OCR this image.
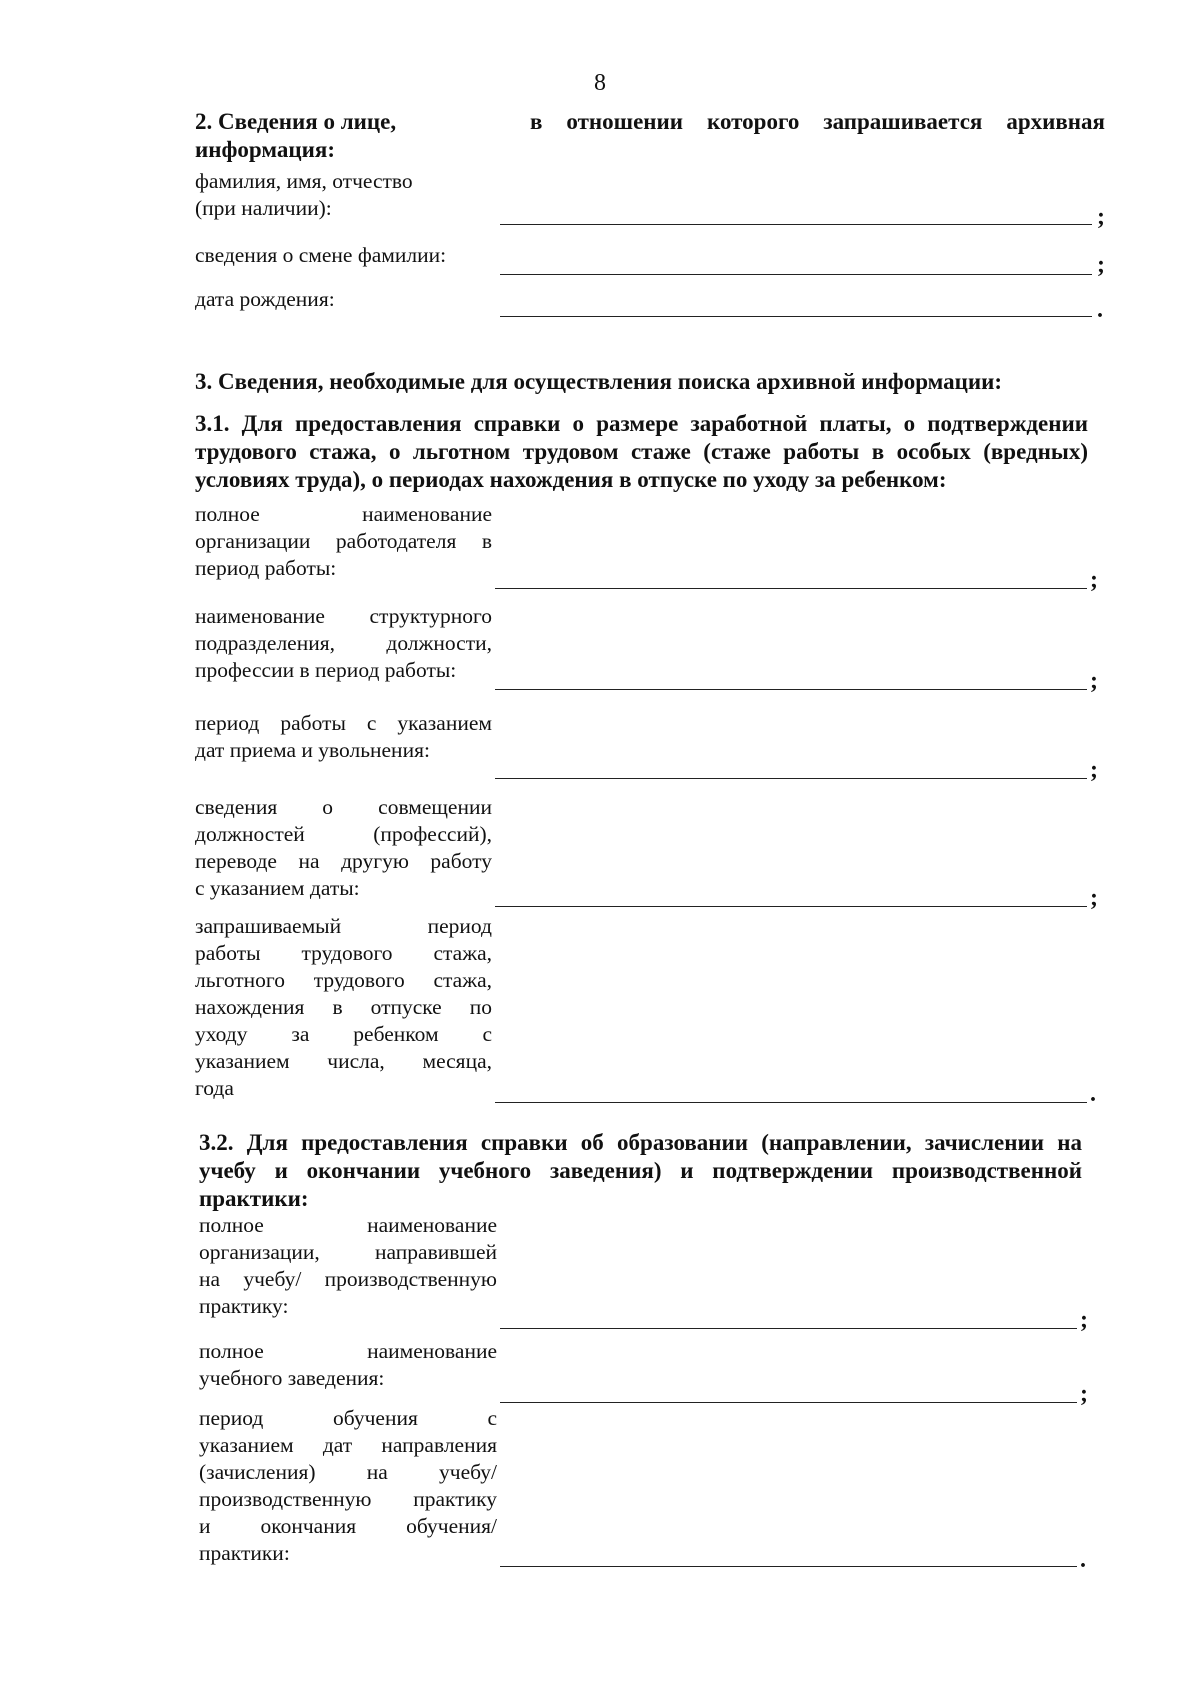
8
2. Сведения о лице,	в отношении которого запрашивается архивная
информация:
фамилия, имя, отчество
(при наличии):	;
сведения о смене фамилии:	;
дата рождения:	.
3. Сведения, необходимые для осуществления поиска архивной информации:
3.1. Для предоставления справки о размере заработной платы, о подтверждении
трудового стажа, о льготном трудовом стаже (стаже работы в особых (вредных)
условиях труда), о периодах нахождения в отпуске по уходу за ребенком:
полное наименование
организации работодателя в
период работы:	;
наименование структурного
подразделения, должности,
профессии в период работы:	;
период работы с указанием
дат приема и увольнения:
;
сведения о совмещении
должностей (профессий),
переводе на другую работу
с указанием даты:	;
запрашиваемый период
работы трудового стажа,
льготного трудового стажа,
нахождения в отпуске по
уходу за ребенком с
указанием числа, месяца,
года	.
3.2. Для предоставления справки об образовании (направлении, зачислении на
учебу и окончании учебного заведения) и подтверждении производственной
практики:
полное наименование
организации, направившей
на учебу/ производственную
практику:
;
полное наименование
учебного заведения:
;
период обучения с
указанием дат направления
(зачисления) на учебу/
производственную практику
и окончания обучения/
практики:	.
